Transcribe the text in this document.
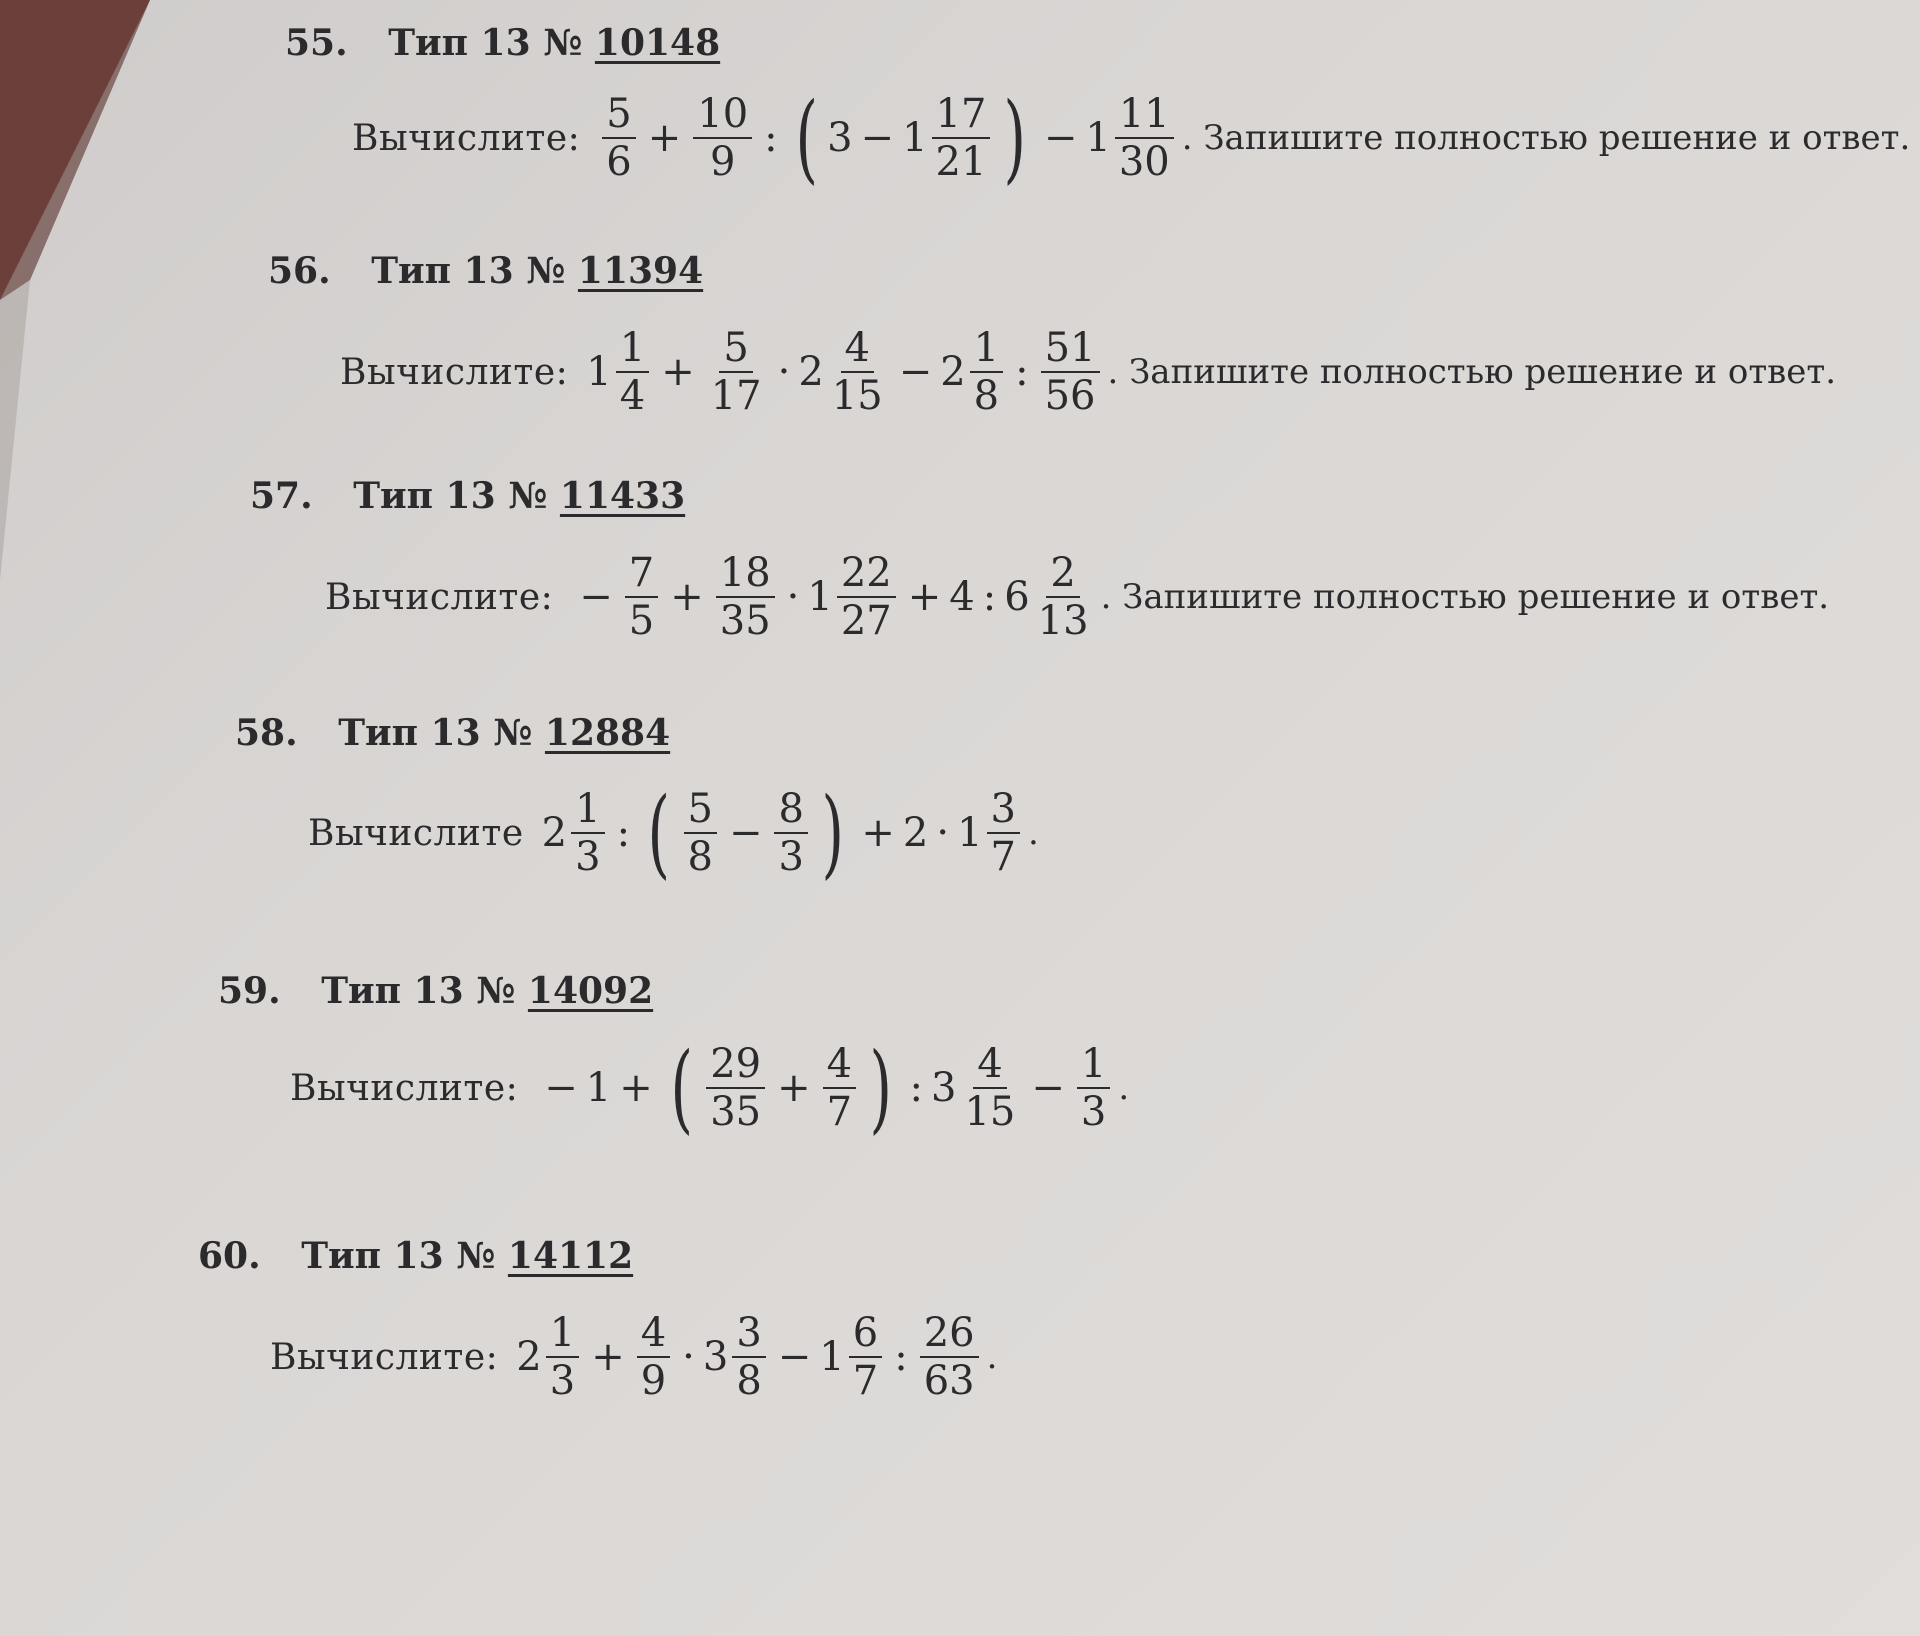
55. Тип 13 № 10148
Вычислите: $\frac{5}{6} + \frac{10}{9}$ : ( $3 - 1 \frac{17}{21}$ ) − $1 \frac{11}{30}$ . Запишите полностью решение и ответ.
56. Тип 13 № 11394
Вычислите: $1 \frac{1}{4} + \frac{5}{17} \cdot 2 \frac{4}{15} - 2 \frac{1}{8}$ : $\frac{51}{56}$ . Запишите полностью решение и ответ.
57. Тип 13 № 11433
Вычислите: − $\frac{7}{5} + \frac{18}{35} \cdot 1 \frac{22}{27} + 4$ : $6 \frac{2}{13}$ . Запишите полностью решение и ответ.
58. Тип 13 № 12884
Вычислите $2 \frac{1}{3}$ : ( $\frac{5}{8} - \frac{8}{3}$ ) + $2 \cdot 1 \frac{3}{7}$ .
59. Тип 13 № 14092
Вычислите: − 1 + ( $\frac{29}{35} + \frac{4}{7}$ ) : $3 \frac{4}{15} - \frac{1}{3}$ .
60. Тип 13 № 14112
Вычислите: $2 \frac{1}{3} + \frac{4}{9} \cdot 3 \frac{3}{8} - 1 \frac{6}{7}$ : $\frac{26}{63}$ .
